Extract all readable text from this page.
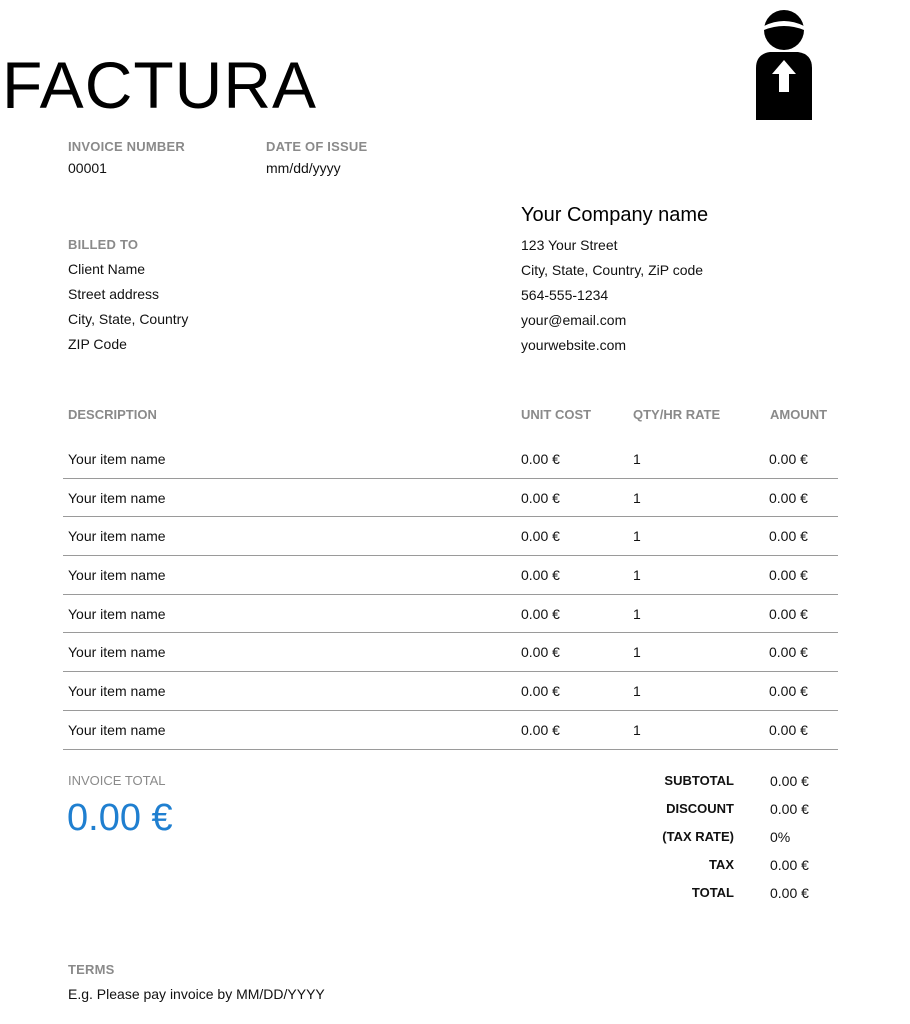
FACTURA
INVOICE NUMBER
00001
DATE OF ISSUE
mm/dd/yyyy
BILLED TO
Client Name
Street address
City, State, Country
ZIP Code
Your Company name
123 Your Street
City, State, Country, ZiP code
564-555-1234
your@email.com
yourwebsite.com
DESCRIPTION	UNIT COST	QTY/HR RATE	AMOUNT
Your item name	0.00 €	1	0.00 €
Your item name	0.00 €	1	0.00 €
Your item name	0.00 €	1	0.00 €
Your item name	0.00 €	1	0.00 €
Your item name	0.00 €	1	0.00 €
Your item name	0.00 €	1	0.00 €
Your item name	0.00 €	1	0.00 €
Your item name	0.00 €	1	0.00 €
INVOICE TOTAL
0.00 €
SUBTOTAL	0.00 €
DISCOUNT	0.00 €
(TAX RATE)	0%
TAX	0.00 €
TOTAL	0.00 €
TERMS
E.g. Please pay invoice by MM/DD/YYYY
